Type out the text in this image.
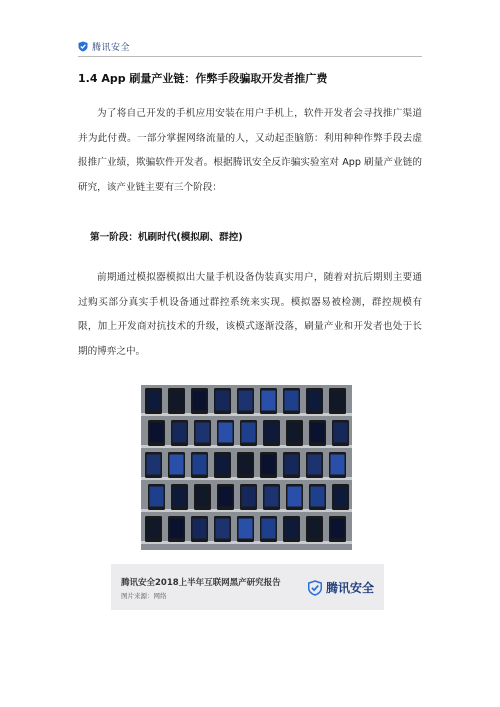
腾讯安全
1.4 App 刷量产业链：作弊手段骗取开发者推广费
为了将自己开发的手机应用安装在用户手机上，软件开发者会寻找推广渠道并为此付费。一部分掌握网络流量的人，又动起歪脑筋：利用种种作弊手段去虚报推广业绩，欺骗软件开发者。根据腾讯安全反诈骗实验室对 App 刷量产业链的研究，该产业链主要有三个阶段：
第一阶段：机刷时代(模拟刷、群控)
前期通过模拟器模拟出大量手机设备伪装真实用户，随着对抗后期则主要通过购买部分真实手机设备通过群控系统来实现。模拟器易被检测，群控规模有限，加上开发商对抗技术的升级，该模式逐渐没落，刷量产业和开发者也处于长期的博弈之中。
腾讯安全2018上半年互联网黑产研究报告
图片来源：网络
腾讯安全
